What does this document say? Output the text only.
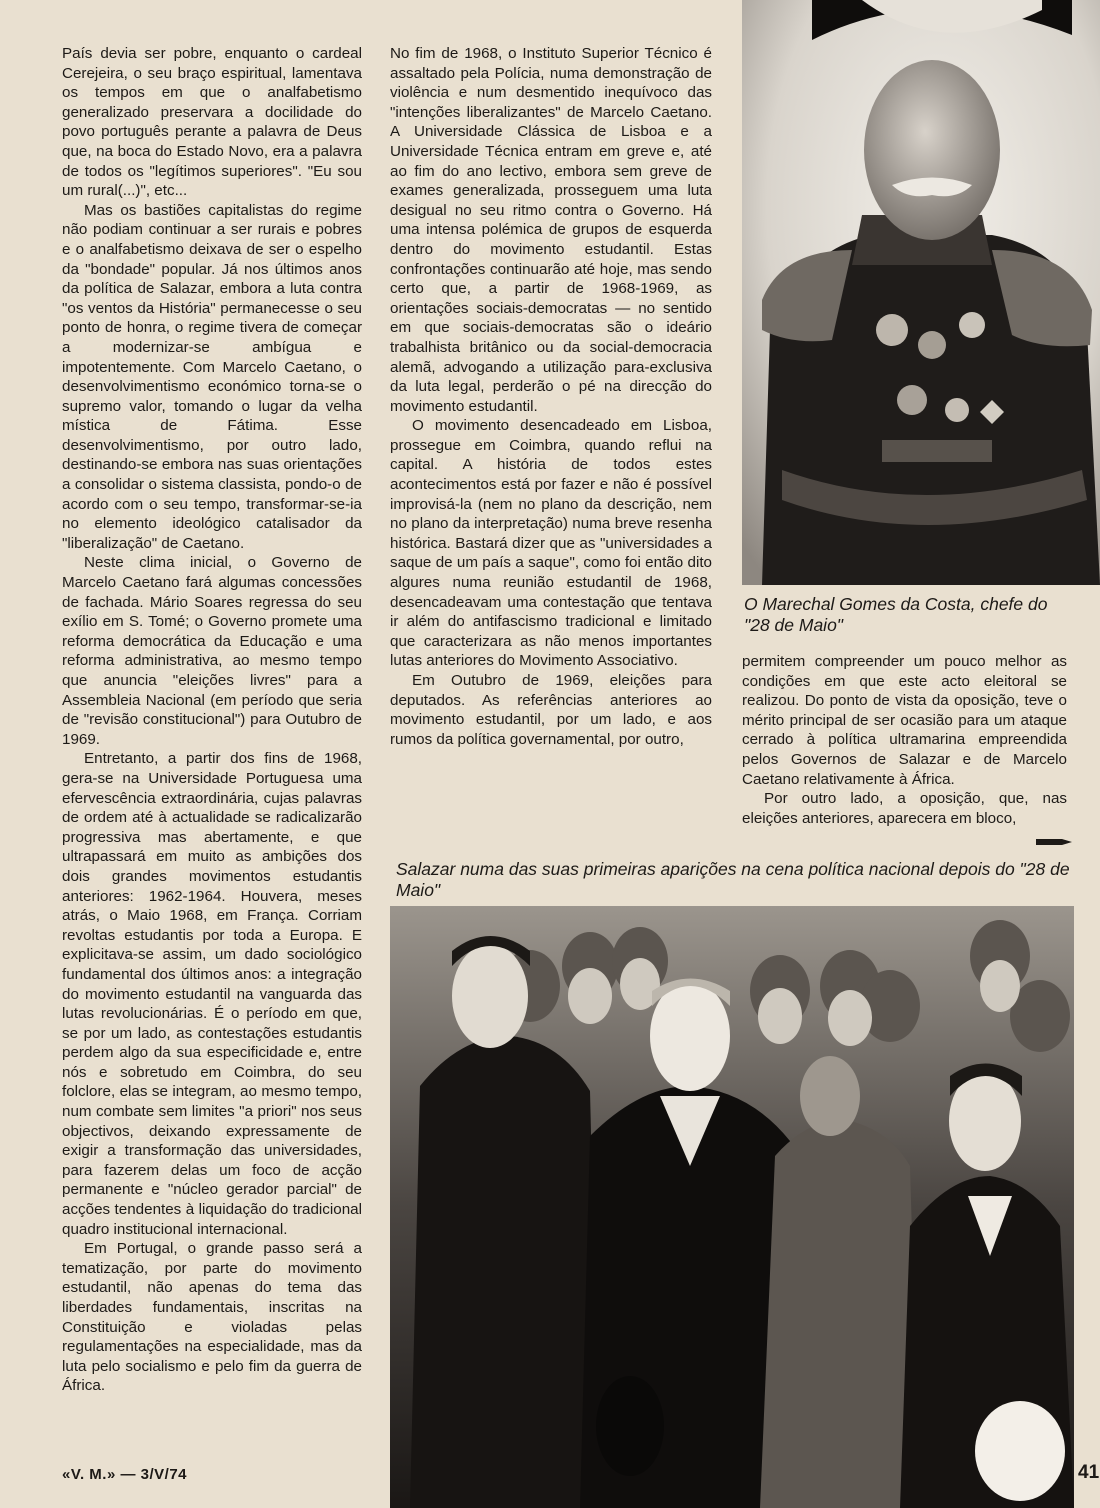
País devia ser pobre, enquanto o cardeal Cerejeira, o seu braço espiritual, lamentava os tempos em que o analfabetismo generalizado preservara a docilidade do povo português perante a palavra de Deus que, na boca do Estado Novo, era a palavra de todos os "legítimos superiores". "Eu sou um rural(...)", etc...

Mas os bastiões capitalistas do regime não podiam continuar a ser rurais e pobres e o analfabetismo deixava de ser o espelho da "bondade" popular. Já nos últimos anos da política de Salazar, embora a luta contra "os ventos da História" permanecesse o seu ponto de honra, o regime tivera de começar a modernizar-se ambígua e impotentemente. Com Marcelo Caetano, o desenvolvimentismo económico torna-se o supremo valor, tomando o lugar da velha mística de Fátima. Esse desenvolvimentismo, por outro lado, destinando-se embora nas suas orientações a consolidar o sistema classista, pondo-o de acordo com o seu tempo, transformar-se-ia no elemento ideológico catalisador da "liberalização" de Caetano.

Neste clima inicial, o Governo de Marcelo Caetano fará algumas concessões de fachada. Mário Soares regressa do seu exílio em S. Tomé; o Governo promete uma reforma democrática da Educação e uma reforma administrativa, ao mesmo tempo que anuncia "eleições livres" para a Assembleia Nacional (em período que seria de "revisão constitucional") para Outubro de 1969.

Entretanto, a partir dos fins de 1968, gera-se na Universidade Portuguesa uma efervescência extraordinária, cujas palavras de ordem até à actualidade se radicalizarão progressiva mas abertamente, e que ultrapassará em muito as ambições dos dois grandes movimentos estudantis anteriores: 1962-1964. Houvera, meses atrás, o Maio 1968, em França. Corriam revoltas estudantis por toda a Europa. E explicitava-se assim, um dado sociológico fundamental dos últimos anos: a integração do movimento estudantil na vanguarda das lutas revolucionárias. É o período em que, se por um lado, as contestações estudantis perdem algo da sua especificidade e, entre nós e sobretudo em Coimbra, do seu folclore, elas se integram, ao mesmo tempo, num combate sem limites "a priori" nos seus objectivos, deixando expressamente de exigir a transformação das universidades, para fazerem delas um foco de acção permanente e "núcleo gerador parcial" de acções tendentes à liquidação do tradicional quadro institucional internacional.

Em Portugal, o grande passo será a tematização, por parte do movimento estudantil, não apenas do tema das liberdades fundamentais, inscritas na Constituição e violadas pelas regulamentações na especialidade, mas da luta pelo socialismo e pelo fim da guerra de África.

No fim de 1968, o Instituto Superior Técnico é assaltado pela Polícia, numa demonstração de violência e num desmentido inequívoco das "intenções liberalizantes" de Marcelo Caetano. A Universidade Clássica de Lisboa e a Universidade Técnica entram em greve e, até ao fim do ano lectivo, embora sem greve de exames generalizada, prosseguem uma luta desigual no seu ritmo contra o Governo. Há uma intensa polémica de grupos de esquerda dentro do movimento estudantil. Estas confrontações continuarão até hoje, mas sendo certo que, a partir de 1968-1969, as orientações sociais-democratas — no sentido em que sociais-democratas são o ideário trabalhista britânico ou da social-democracia alemã, advogando a utilização para-exclusiva da luta legal, perderão o pé na direcção do movimento estudantil.

O movimento desencadeado em Lisboa, prossegue em Coimbra, quando reflui na capital. A história de todos estes acontecimentos está por fazer e não é possível improvisá-la (nem no plano da descrição, nem no plano da interpretação) numa breve resenha histórica. Bastará dizer que as "universidades a saque de um país a saque", como foi então dito algures numa reunião estudantil de 1968, desencadeavam uma contestação que tentava ir além do antifascismo tradicional e limitado que caracterizara as não menos importantes lutas anteriores do Movimento Associativo.

Em Outubro de 1969, eleições para deputados. As referências anteriores ao movimento estudantil, por um lado, e aos rumos da política governamental, por outro,

O Marechal Gomes da Costa, chefe do "28 de Maio"

permitem compreender um pouco melhor as condições em que este acto eleitoral se realizou. Do ponto de vista da oposição, teve o mérito principal de ser ocasião para um ataque cerrado à política ultramarina empreendida pelos Governos de Salazar e de Marcelo Caetano relativamente à África.

Por outro lado, a oposição, que, nas eleições anteriores, aparecera em bloco,

Salazar numa das suas primeiras aparições na cena política nacional depois do "28 de Maio"
«V. M.» — 3/V/74	41
